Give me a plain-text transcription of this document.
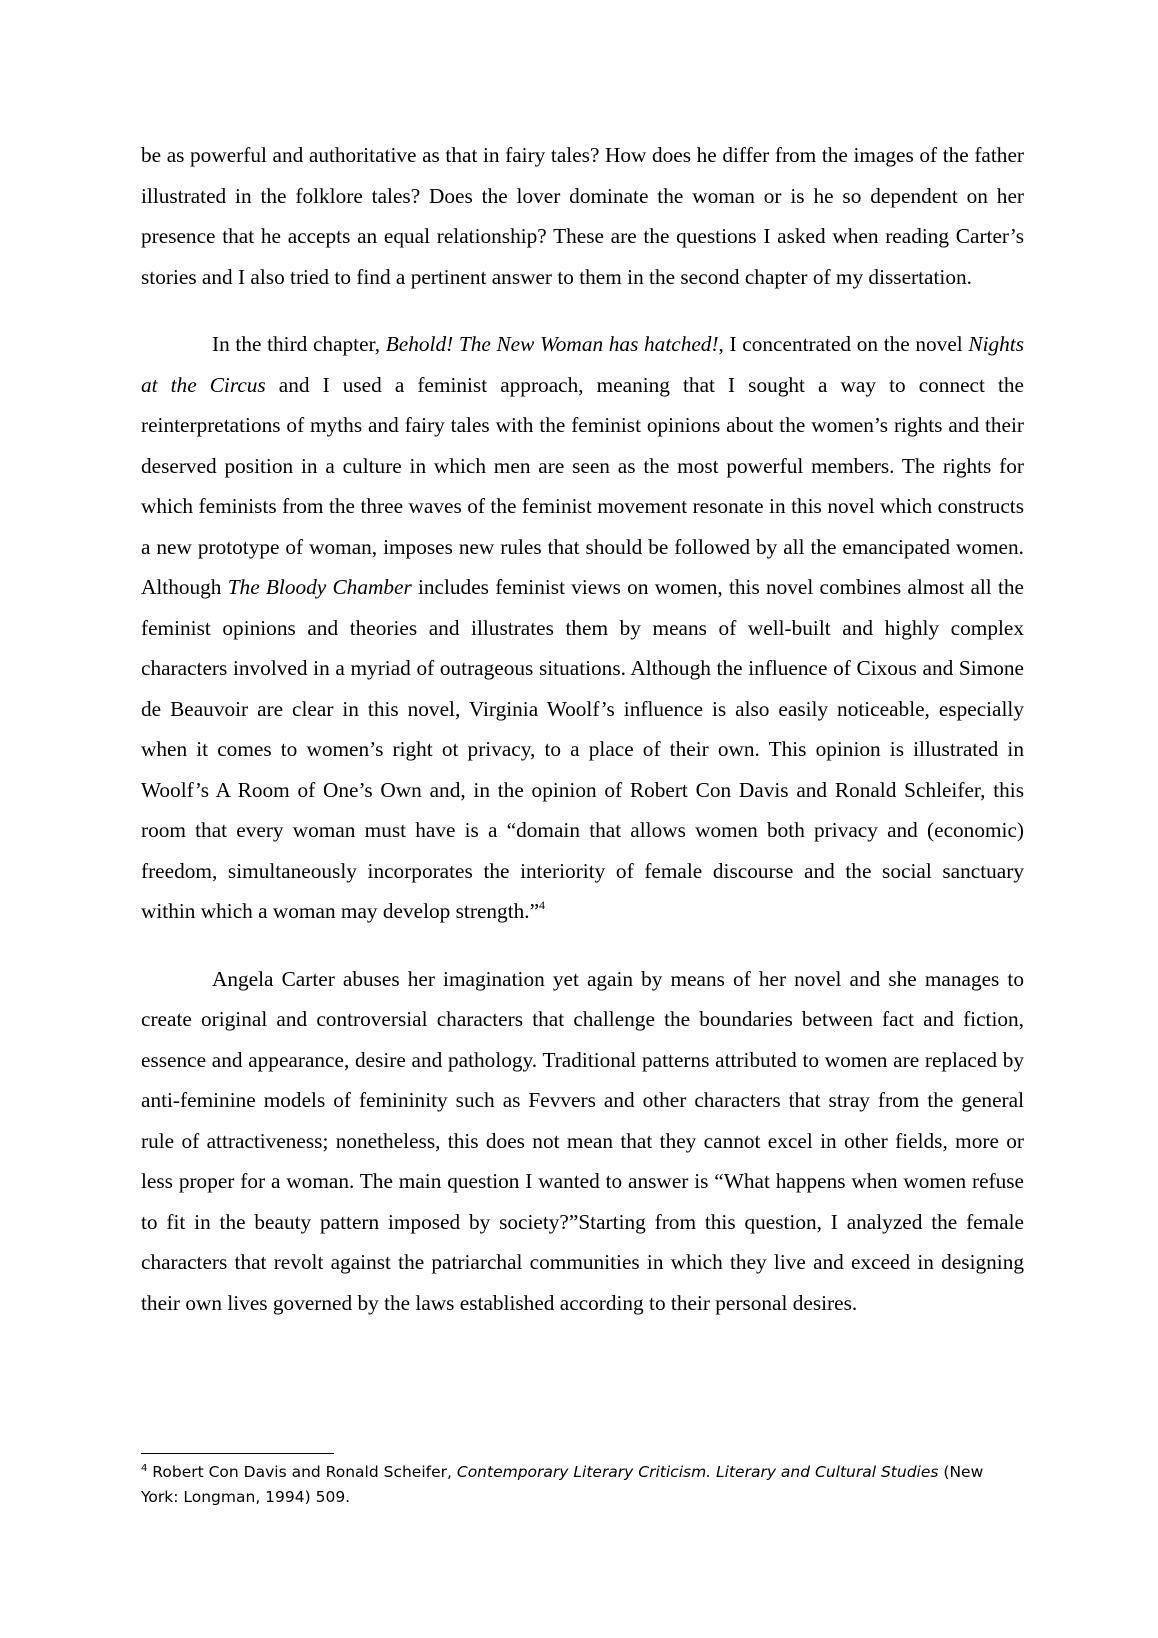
be as powerful and authoritative as that in fairy tales? How does he differ from the images of the father illustrated in the folklore tales? Does the lover dominate the woman or is he so dependent on her presence that he accepts an equal relationship? These are the questions I asked when reading Carter’s stories and I also tried to find a pertinent answer to them in the second chapter of my dissertation.

In the third chapter, Behold! The New Woman has hatched!, I concentrated on the novel Nights at the Circus and I used a feminist approach, meaning that I sought a way to connect the reinterpretations of myths and fairy tales with the feminist opinions about the women’s rights and their deserved position in a culture in which men are seen as the most powerful members. The rights for which feminists from the three waves of the feminist movement resonate in this novel which constructs a new prototype of woman, imposes new rules that should be followed by all the emancipated women. Although The Bloody Chamber includes feminist views on women, this novel combines almost all the feminist opinions and theories and illustrates them by means of well-built and highly complex characters involved in a myriad of outrageous situations. Although the influence of Cixous and Simone de Beauvoir are clear in this novel, Virginia Woolf’s influence is also easily noticeable, especially when it comes to women’s right ot privacy, to a place of their own. This opinion is illustrated in Woolf’s A Room of One’s Own and, in the opinion of Robert Con Davis and Ronald Schleifer, this room that every woman must have is a “domain that allows women both privacy and (economic) freedom, simultaneously incorporates the interiority of female discourse and the social sanctuary within which a woman may develop strength.”$^4$

Angela Carter abuses her imagination yet again by means of her novel and she manages to create original and controversial characters that challenge the boundaries between fact and fiction, essence and appearance, desire and pathology. Traditional patterns attributed to women are replaced by anti-feminine models of femininity such as Fevvers and other characters that stray from the general rule of attractiveness; nonetheless, this does not mean that they cannot excel in other fields, more or less proper for a woman. The main question I wanted to answer is “What happens when women refuse to fit in the beauty pattern imposed by society?”Starting from this question, I analyzed the female characters that revolt against the patriarchal communities in which they live and exceed in designing their own lives governed by the laws established according to their personal desires.

$^4$ Robert Con Davis and Ronald Scheifer, Contemporary Literary Criticism. Literary and Cultural Studies (New York: Longman, 1994) 509.
